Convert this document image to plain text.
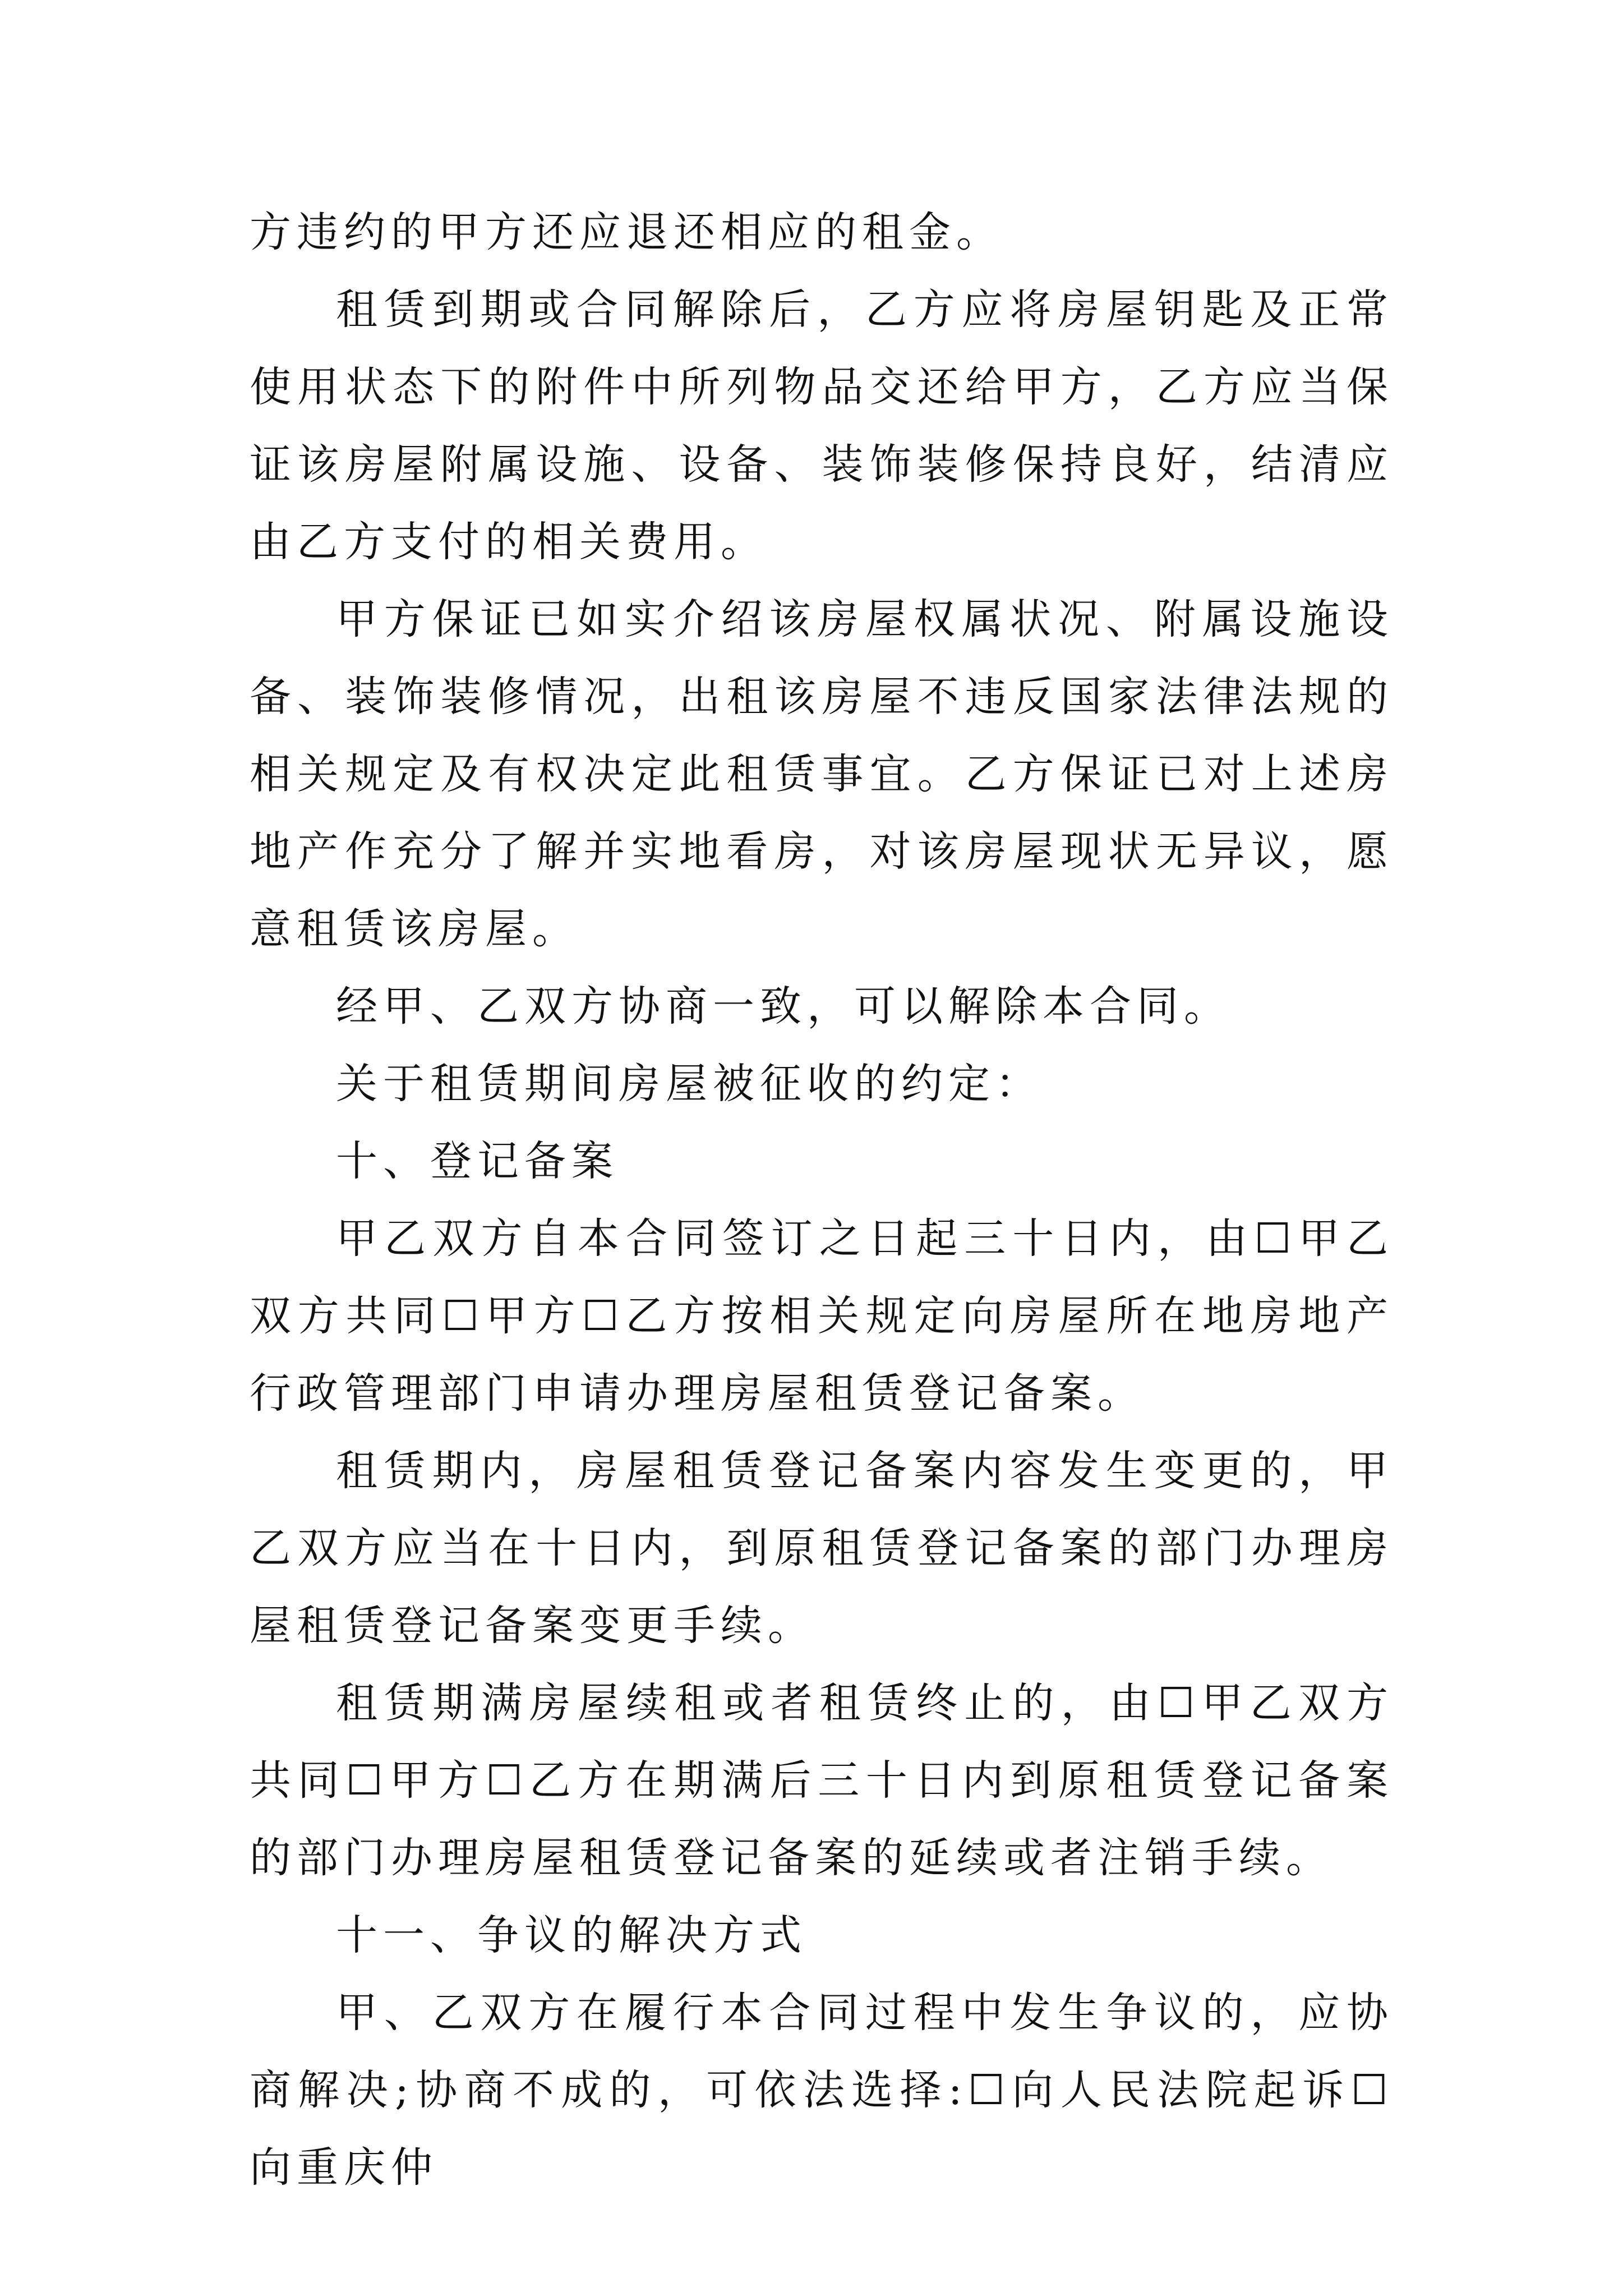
方违约的甲方还应退还相应的租金。

租赁到期或合同解除后，乙方应将房屋钥匙及正常使用状态下的附件中所列物品交还给甲方，乙方应当保证该房屋附属设施、设备、装饰装修保持良好，结清应由乙方支付的相关费用。

甲方保证已如实介绍该房屋权属状况、附属设施设备、装饰装修情况，出租该房屋不违反国家法律法规的相关规定及有权决定此租赁事宜。乙方保证已对上述房地产作充分了解并实地看房，对该房屋现状无异议，愿意租赁该房屋。

经甲、乙双方协商一致，可以解除本合同。

关于租赁期间房屋被征收的约定：

十、登记备案

甲乙双方自本合同签订之日起三十日内，由☐甲乙双方共同☐甲方☐乙方按相关规定向房屋所在地房地产行政管理部门申请办理房屋租赁登记备案。

租赁期内，房屋租赁登记备案内容发生变更的，甲乙双方应当在十日内，到原租赁登记备案的部门办理房屋租赁登记备案变更手续。

租赁期满房屋续租或者租赁终止的，由☐甲乙双方共同☐甲方☐乙方在期满后三十日内到原租赁登记备案的部门办理房屋租赁登记备案的延续或者注销手续。

十一、争议的解决方式

甲、乙双方在履行本合同过程中发生争议的，应协商解决;协商不成的，可依法选择:☐向人民法院起诉☐向重庆仲
